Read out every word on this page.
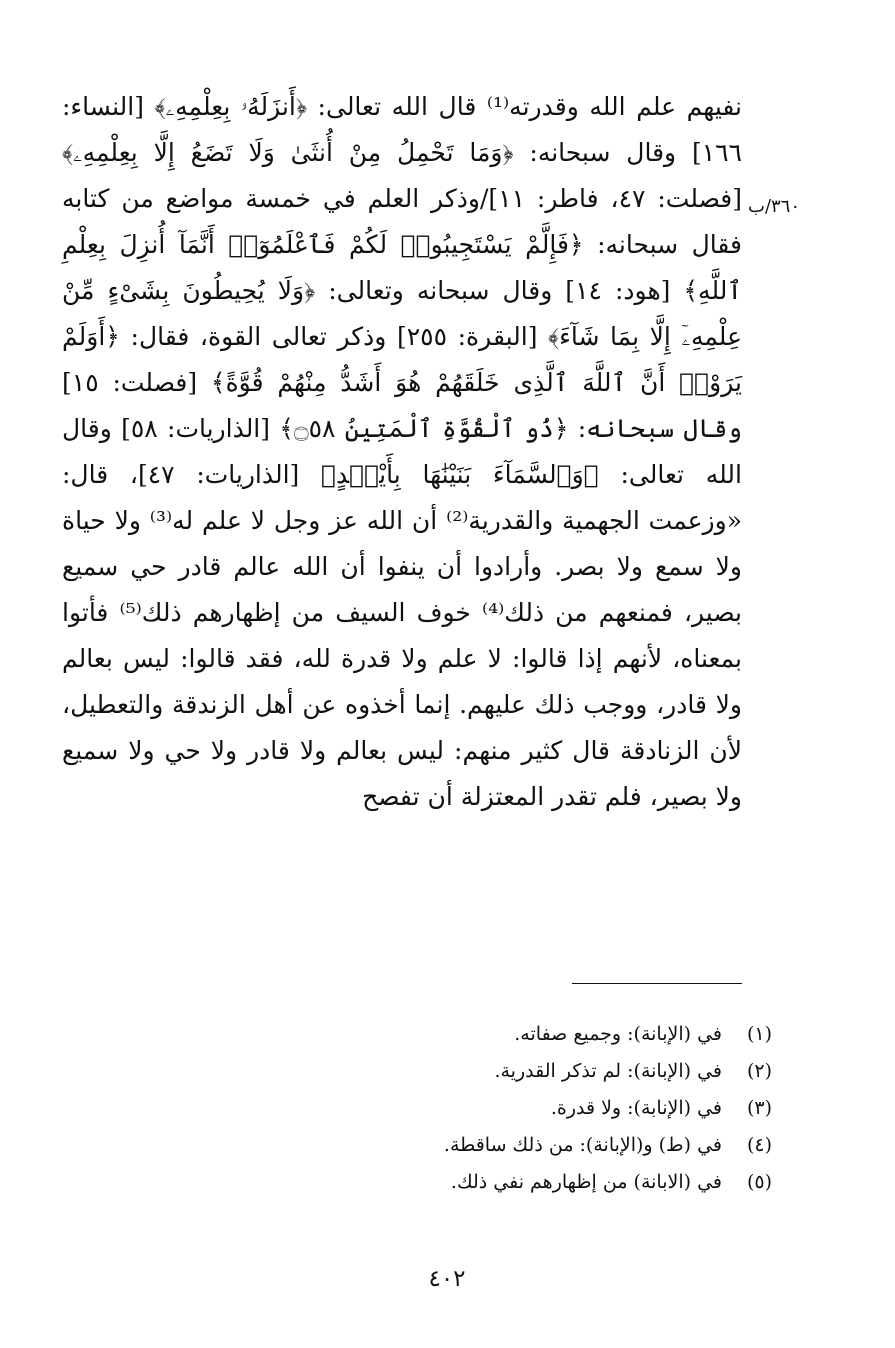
٣٦٠/ب

نفيهم علم الله وقدرته⁽¹⁾ قال الله تعالى: ﴿أَنزَلَهُۥ بِعِلْمِهِۦ﴾ [النساء: ١٦٦] وقال سبحانه: ﴿وَمَا تَحْمِلُ مِنْ أُنثَىٰ وَلَا تَضَعُ إِلَّا بِعِلْمِهِۦ﴾ [فصلت: ٤٧، فاطر: ١١]/وذكر العلم في خمسة مواضع من كتابه فقال سبحانه: ﴿فَإِلَّمْ يَسْتَجِيبُوا۟ لَكُمْ فَٱعْلَمُوٓا۟ أَنَّمَآ أُنزِلَ بِعِلْمِ ٱللَّهِ﴾ [هود: ١٤] وقال سبحانه وتعالى: ﴿وَلَا يُحِيطُونَ بِشَىْءٍ مِّنْ عِلْمِهِۦٓ إِلَّا بِمَا شَآءَ﴾ [البقرة: ٢٥٥] وذكر تعالى القوة، فقال: ﴿أَوَلَمْ يَرَوْا۟ أَنَّ ٱللَّهَ ٱلَّذِى خَلَقَهُمْ هُوَ أَشَدُّ مِنْهُمْ قُوَّةً﴾ [فصلت: ١٥] وقال سبحانه: ﴿ذُو ٱلْقُوَّةِ ٱلْمَتِينُ ۝٥٨﴾ [الذاريات: ٥٨] وقال الله تعالى: ﴿وَٱلسَّمَآءَ بَنَيْنَٰهَا بِأَيْي۟دٍ﴾ [الذاريات: ٤٧]، قال: «وزعمت الجهمية والقدرية⁽²⁾ أن الله عز وجل لا علم له⁽³⁾ ولا حياة ولا سمع ولا بصر. وأرادوا أن ينفوا أن الله عالم قادر حي سميع بصير، فمنعهم من ذلك⁽⁴⁾ خوف السيف من إظهارهم ذلك⁽⁵⁾ فأتوا بمعناه، لأنهم إذا قالوا: لا علم ولا قدرة لله، فقد قالوا: ليس بعالم ولا قادر، ووجب ذلك عليهم. إنما أخذوه عن أهل الزندقة والتعطيل، لأن الزنادقة قال كثير منهم: ليس بعالم ولا قادر ولا حي ولا سميع ولا بصير، فلم تقدر المعتزلة أن تفصح

(١)
في (الإبانة): وجميع صفاته.
(٢)
في (الإبانة): لم تذكر القدرية.
(٣)
في (الإنابة): ولا قدرة.
(٤)
في (ط) و(الإبانة): من ذلك ساقطة.
(٥)
في (الابانة) من إظهارهم نفي ذلك.
٤٠٢
